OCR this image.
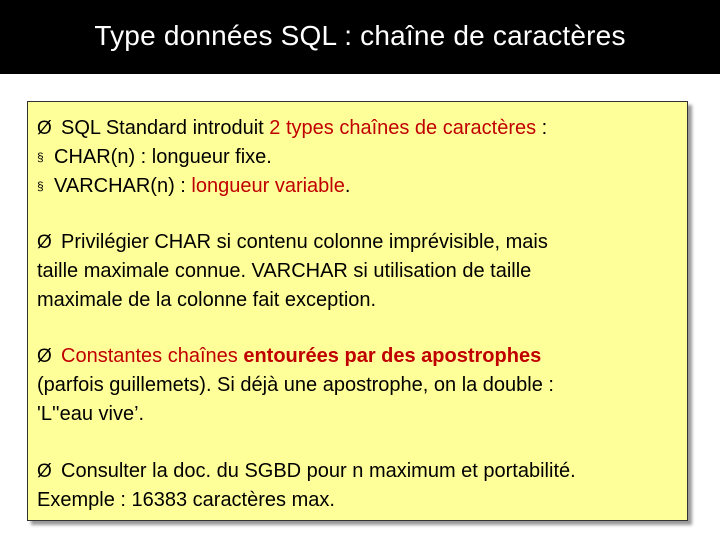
Type données SQL : chaîne de caractères
Ø SQL Standard introduit 2 types chaînes de caractères :
§ CHAR(n) : longueur fixe.
§ VARCHAR(n) : longueur variable.
Ø Privilégier CHAR si contenu colonne imprévisible, mais
taille maximale connue. VARCHAR si utilisation de taille
maximale de la colonne fait exception.
Ø Constantes chaînes entourées par des apostrophes
(parfois guillemets). Si déjà une apostrophe, on la double :
'L''eau vive’.
Ø Consulter la doc. du SGBD pour n maximum et portabilité.
Exemple : 16383 caractères max.
